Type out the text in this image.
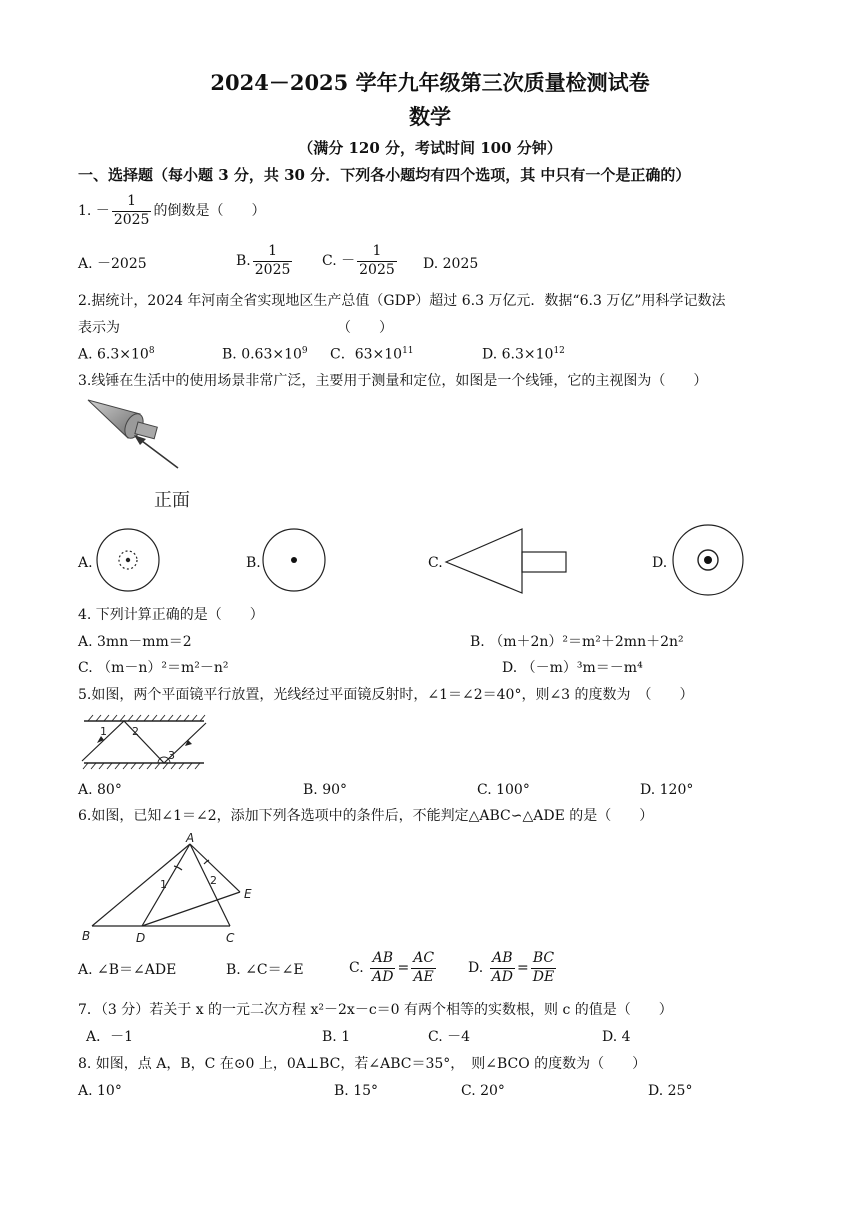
2024－2025 学年九年级第三次质量检测试卷
数学
（满分 120 分，考试时间 100 分钟）
一、选择题（每小题 3 分，共 30 分．下列各小题均有四个选项，其 中只有一个是正确的）
1. － $\frac{1}{2025}$ 的倒数是（　　）
A. －2025	B. $\frac{1}{2025} C$. － $\frac{1}{2025} D$. 2025
2.据统计，2024 年河南全省实现地区生产总值（GDP）超过 6.3 万亿元．数据“6.3 万亿”用科学记数法
表示为　　　　　　　　　　　　　　　　（　　）
A. $6.3\times 10^8$	B. $0.63\times 10^9$ C．$63\times 10^{11}$	D. $6.3\times 10^{12}$
3.线锤在生活中的使用场景非常广泛，主要用于测量和定位，如图是一个线锤，它的主视图为（　　）
正面
A.	B.	C.	D.
4. 下列计算正确的是（　　）
A. 3mn－mm＝2	B. （m＋2n）²＝m²＋2mn＋2n²
C. （m－n）²＝m²－n²	D. （－m）³m＝－m⁴
5.如图，两个平面镜平行放置，光线经过平面镜反射时，∠1＝∠2＝40°，则∠3 的度数为　（　　）
1 2
3
A. 80°	B. 90°	C. 100°	D. 120°
6.如图，已知∠1＝∠2，添加下列各选项中的条件后，不能判定△ABC∽△ADE 的是（　　）
A
B	D	C
E
1	2
A. ∠B＝∠ADE	B. ∠C＝∠E	C. $\frac{AB}{AD} = \frac{AC}{AE} D$. $\frac{AB}{AD} = \frac{BC}{DE}$
7．（3 分）若关于 x 的一元二次方程 x²－2x－c＝0 有两个相等的实数根，则 c 的值是（　　）
A．－1	B. 1	C. －4	D. 4
8. 如图，点 A，B，C 在⊙0 上，0A⊥BC，若∠ABC＝35°，　则∠BCO 的度数为（　　）
A. 10°	B. 15°	C. 20°	D. 25°
